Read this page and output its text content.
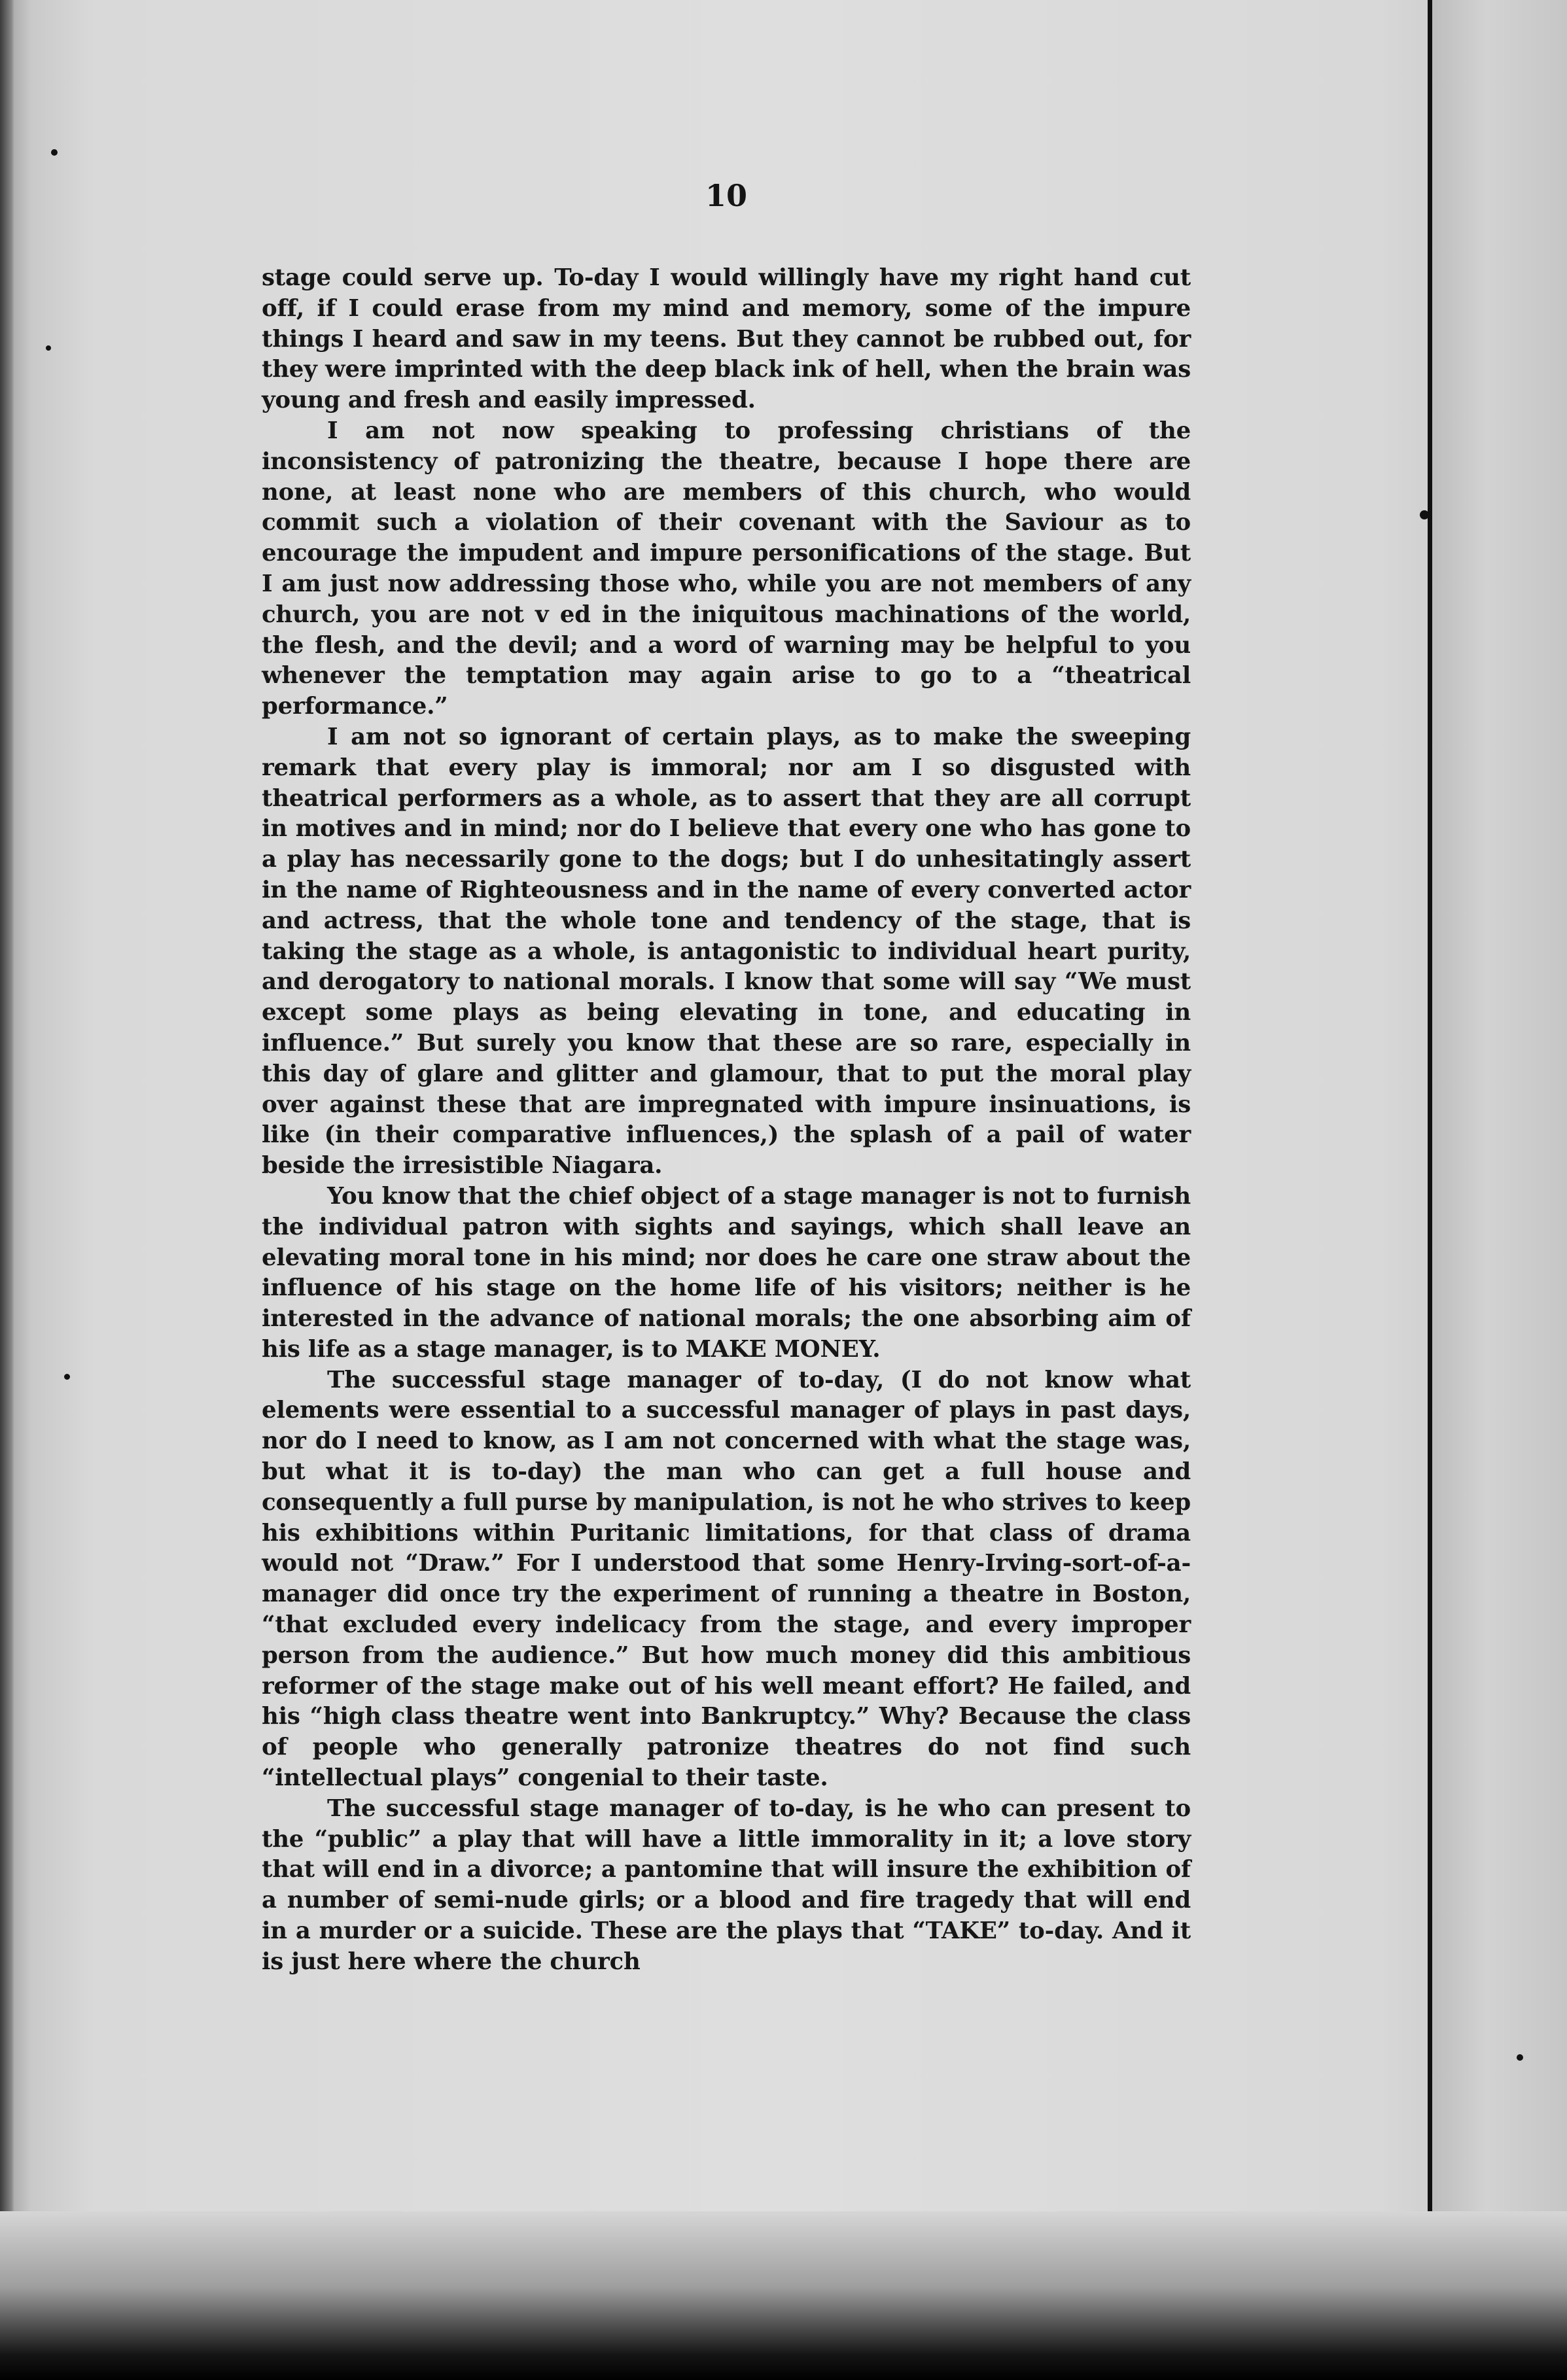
10

stage could serve up. To-day I would willingly have my right hand cut off, if I could erase from my mind and memory, some of the impure things I heard and saw in my teens. But they cannot be rubbed out, for they were imprinted with the deep black ink of hell, when the brain was young and fresh and easily impressed.

I am not now speaking to professing christians of the inconsistency of patronizing the theatre, because I hope there are none, at least none who are members of this church, who would commit such a violation of their covenant with the Saviour as to encourage the impudent and impure personifications of the stage. But I am just now addressing those who, while you are not members of any church, you are not v ed in the iniquitous machinations of the world, the flesh, and the devil; and a word of warning may be helpful to you whenever the temptation may again arise to go to a “theatrical performance.”

I am not so ignorant of certain plays, as to make the sweeping remark that every play is immoral; nor am I so disgusted with theatrical performers as a whole, as to assert that they are all corrupt in motives and in mind; nor do I believe that every one who has gone to a play has necessarily gone to the dogs; but I do unhesitatingly assert in the name of Righteousness and in the name of every converted actor and actress, that the whole tone and tendency of the stage, that is taking the stage as a whole, is antagonistic to individual heart purity, and derogatory to national morals. I know that some will say “We must except some plays as being elevating in tone, and educating in influence.” But surely you know that these are so rare, especially in this day of glare and glitter and glamour, that to put the moral play over against these that are impregnated with impure insinuations, is like (in their comparative influences,) the splash of a pail of water beside the irresistible Niagara.

You know that the chief object of a stage manager is not to furnish the individual patron with sights and sayings, which shall leave an elevating moral tone in his mind; nor does he care one straw about the influence of his stage on the home life of his visitors; neither is he interested in the advance of national morals; the one absorbing aim of his life as a stage manager, is to MAKE MONEY.

The successful stage manager of to-day, (I do not know what elements were essential to a successful manager of plays in past days, nor do I need to know, as I am not concerned with what the stage was, but what it is to-day) the man who can get a full house and consequently a full purse by manipulation, is not he who strives to keep his exhibitions within Puritanic limitations, for that class of drama would not “Draw.” For I understood that some Henry-Irving-sort-of-a-manager did once try the experiment of running a theatre in Boston, “that excluded every indelicacy from the stage, and every improper person from the audience.” But how much money did this ambitious reformer of the stage make out of his well meant effort? He failed, and his “high class theatre went into Bankruptcy.” Why? Because the class of people who generally patronize theatres do not find such “intellectual plays” congenial to their taste.

The successful stage manager of to-day, is he who can present to the “public” a play that will have a little immorality in it; a love story that will end in a divorce; a pantomine that will insure the exhibition of a number of semi-nude girls; or a blood and fire tragedy that will end in a murder or a suicide. These are the plays that “TAKE” to-day. And it is just here where the church
